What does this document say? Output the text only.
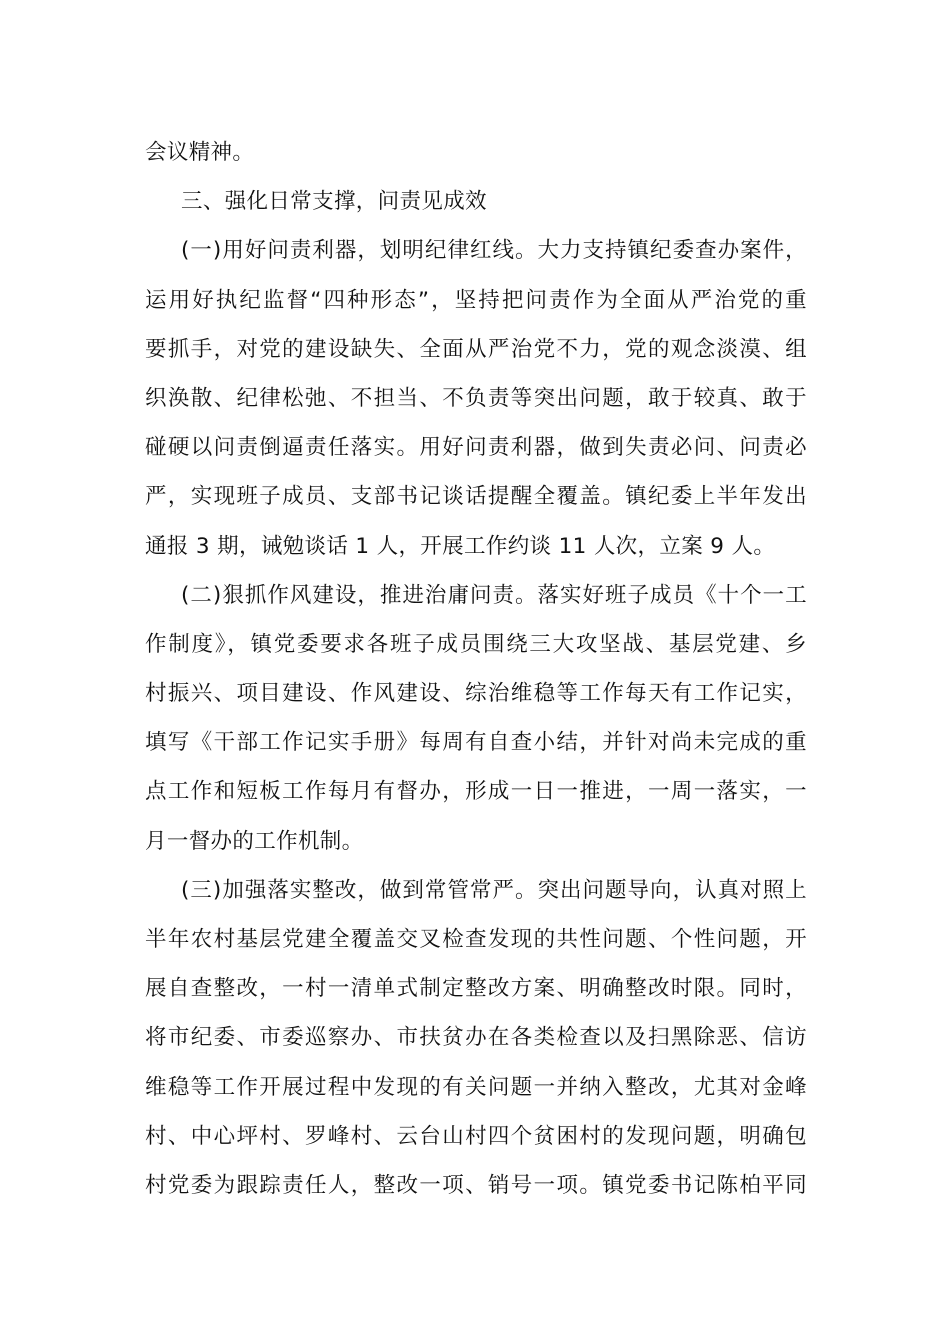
会议精神。
三、强化日常支撑，问责见成效
(一)用好问责利器，划明纪律红线。大力支持镇纪委查办案件，
运用好执纪监督“四种形态”，坚持把问责作为全面从严治党的重
要抓手，对党的建设缺失、全面从严治党不力，党的观念淡漠、组
织涣散、纪律松弛、不担当、不负责等突出问题，敢于较真、敢于
碰硬以问责倒逼责任落实。用好问责利器，做到失责必问、问责必
严，实现班子成员、支部书记谈话提醒全覆盖。镇纪委上半年发出
通报 3 期，诫勉谈话 1 人，开展工作约谈 11 人次，立案 9 人。
(二)狠抓作风建设，推进治庸问责。落实好班子成员《十个一工
作制度》，镇党委要求各班子成员围绕三大攻坚战、基层党建、乡
村振兴、项目建设、作风建设、综治维稳等工作每天有工作记实，
填写《干部工作记实手册》每周有自查小结，并针对尚未完成的重
点工作和短板工作每月有督办，形成一日一推进，一周一落实，一
月一督办的工作机制。
(三)加强落实整改，做到常管常严。突出问题导向，认真对照上
半年农村基层党建全覆盖交叉检查发现的共性问题、个性问题，开
展自查整改，一村一清单式制定整改方案、明确整改时限。同时，
将市纪委、市委巡察办、市扶贫办在各类检查以及扫黑除恶、信访
维稳等工作开展过程中发现的有关问题一并纳入整改，尤其对金峰
村、中心坪村、罗峰村、云台山村四个贫困村的发现问题，明确包
村党委为跟踪责任人，整改一项、销号一项。镇党委书记陈柏平同
